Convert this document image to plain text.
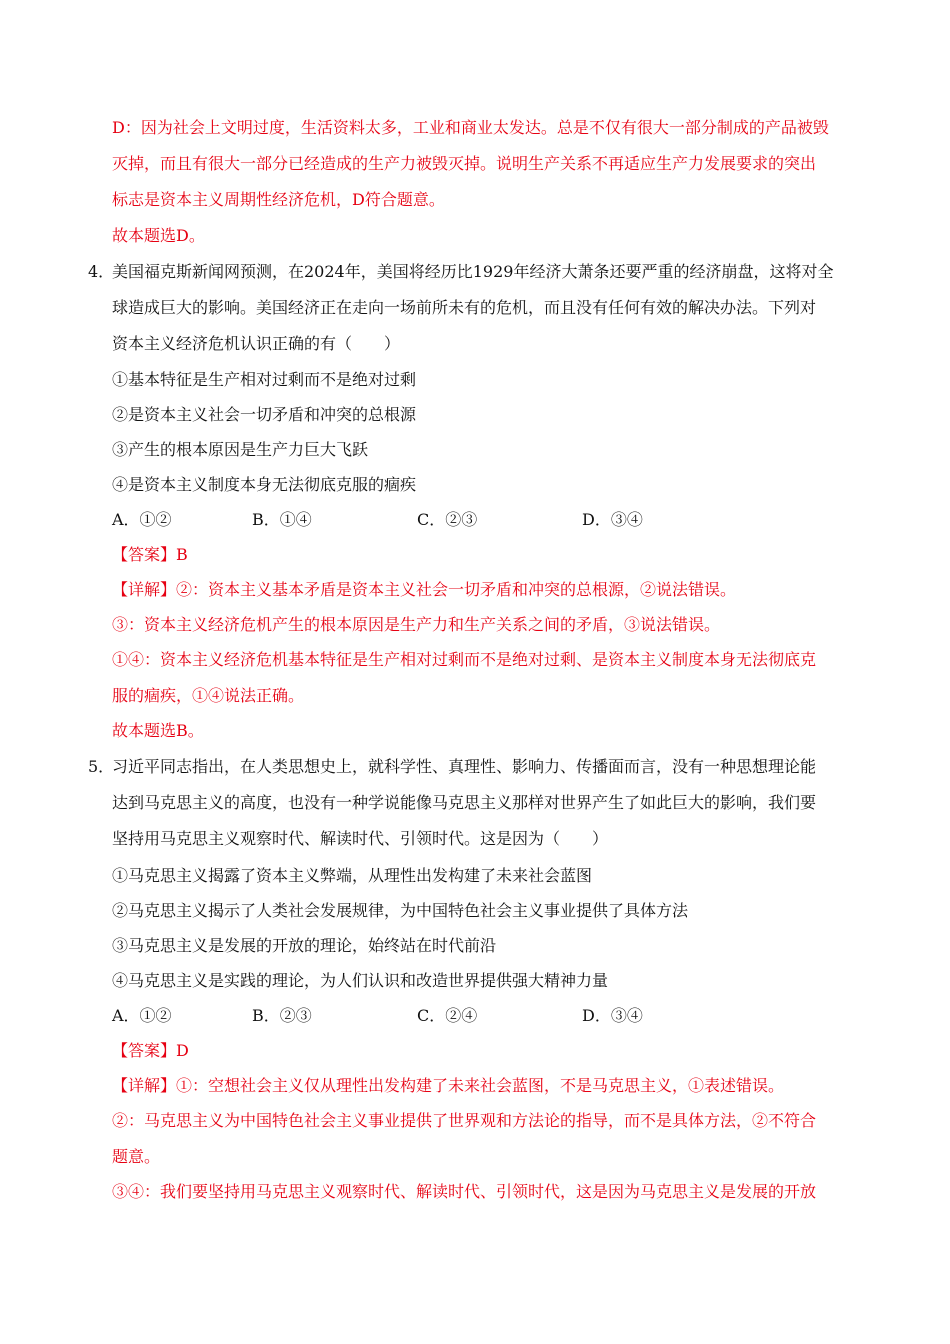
D：因为社会上文明过度，生活资料太多，工业和商业太发达。总是不仅有很大一部分制成的产品被毁
灭掉，而且有很大一部分已经造成的生产力被毁灭掉。说明生产关系不再适应生产力发展要求的突出
标志是资本主义周期性经济危机，D符合题意。
故本题选D。
4．
美国福克斯新闻网预测，在2024年，美国将经历比1929年经济大萧条还要严重的经济崩盘，这将对全
球造成巨大的影响。美国经济正在走向一场前所未有的危机，而且没有任何有效的解决办法。下列对
资本主义经济危机认识正确的有（　　）
①基本特征是生产相对过剩而不是绝对过剩
②是资本主义社会一切矛盾和冲突的总根源
③产生的根本原因是生产力巨大飞跃
④是资本主义制度本身无法彻底克服的痼疾
A．①②	B．①④	C．②③	D．③④
【答案】B
【详解】②：资本主义基本矛盾是资本主义社会一切矛盾和冲突的总根源，②说法错误。
③：资本主义经济危机产生的根本原因是生产力和生产关系之间的矛盾，③说法错误。
①④：资本主义经济危机基本特征是生产相对过剩而不是绝对过剩、是资本主义制度本身无法彻底克
服的痼疾，①④说法正确。
故本题选B。
5．
习近平同志指出，在人类思想史上，就科学性、真理性、影响力、传播面而言，没有一种思想理论能
达到马克思主义的高度，也没有一种学说能像马克思主义那样对世界产生了如此巨大的影响，我们要
坚持用马克思主义观察时代、解读时代、引领时代。这是因为（　　）
①马克思主义揭露了资本主义弊端，从理性出发构建了未来社会蓝图
②马克思主义揭示了人类社会发展规律，为中国特色社会主义事业提供了具体方法
③马克思主义是发展的开放的理论，始终站在时代前沿
④马克思主义是实践的理论，为人们认识和改造世界提供强大精神力量
A．①②	B．②③	C．②④	D．③④
【答案】D
【详解】①：空想社会主义仅从理性出发构建了未来社会蓝图，不是马克思主义，①表述错误。
②：马克思主义为中国特色社会主义事业提供了世界观和方法论的指导，而不是具体方法，②不符合
题意。
③④：我们要坚持用马克思主义观察时代、解读时代、引领时代，这是因为马克思主义是发展的开放
